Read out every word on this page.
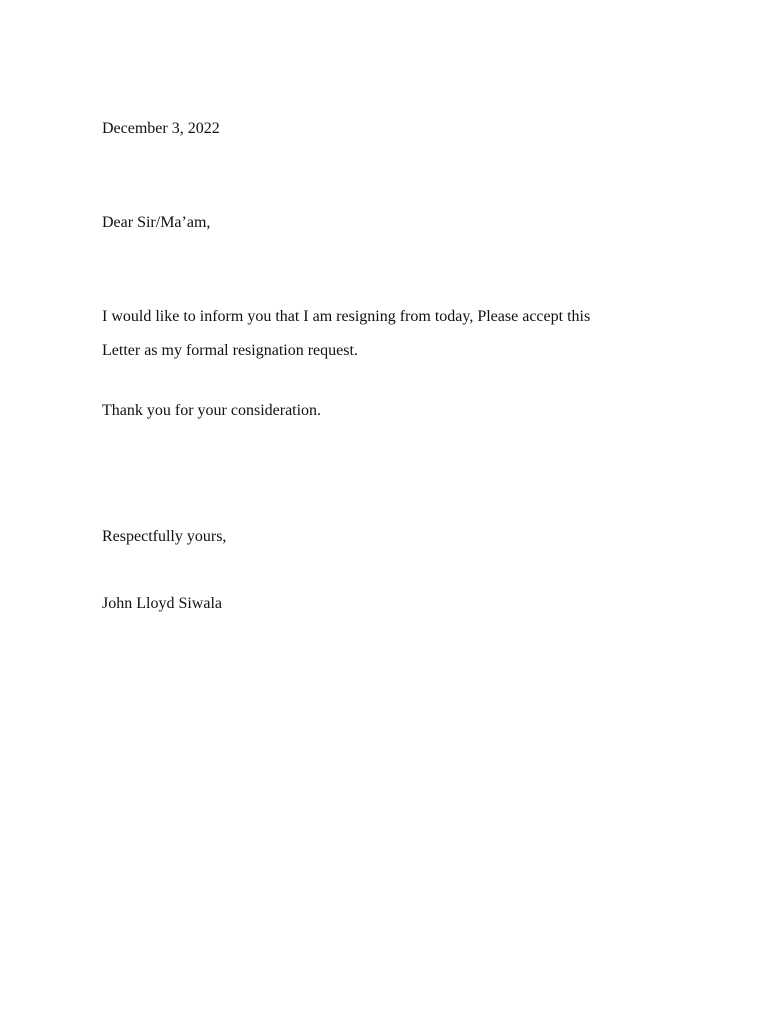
December 3, 2022

Dear Sir/Ma’am,

I would like to inform you that I am resigning from today, Please accept this

Letter as my formal resignation request.

Thank you for your consideration.

Respectfully yours,

John Lloyd Siwala
